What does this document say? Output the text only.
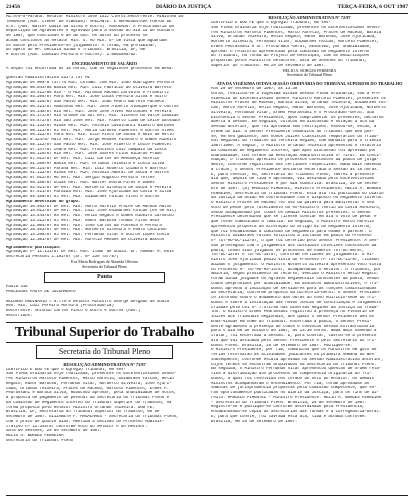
21456	DIÁRIO DA JUSTIÇA	TERÇA-FEIRA, 6 OUT 1987
AG.970-5-Paraná. Relator Ministro José Luiz Clerot.Recorrente: MINISTRO DO
TRABALHO (Adv. Cleber de Almeida). APELANTE: E REPRESENTADA FORTOS DE
S.A. (Adv. Walter Gudin da Silva e outro). ADVOGADO: A Procuradoria da
Repartição de Agravantes e Agravado para a Sessão do dia 14 de Outubro
de 1987, que conclusão é de um ano. Os autos do processo se
acham conclusos ao Relator Min. 4. Ao Min. 5º de Vista que aguardam
os autos pelo Presidente-no julgamento. A Turma, em preliminar,
do apelo do MP. Decidiu ainda o Tribunal. Brasília, DF, em
e outros (Adv. Cândido Pereira e outros). 2.0001985/02.
ENCERRAMENTO DE SALÁRIO
A Seção foi encerrada as 18 horas, com os seguintes processos em mesa:

Questão Administrativa 223-1 TST MI
Agravação de 000-0 TST/74 Min. Colomb. com Min. João Rodrigues Pereira
Agravação 08.843/86 Bahia Rel. Min. Luiz Fabricio de Oliveira Barreto
Agravação 10.412/86 Rio - O Min. Miranda Macêdo Carvalho e Frankirtz
Agravação 03.205/87 Pará Rel. Min. José Lucas Pereira Silva e outro
Agravação 08.128/87 São Paulo Rel. Min. João Pedro Barreto Pacheco
Agravação 06.221/87 Amazonas Rel. Min. José Alberto Albuquerque e outros
Agravação 46.148/87 Rio Rel. Min. José José Alves Marcondes e Pereira
Agravação 94.172/87 Rio Grande do Sul Rel. Min. Vicente do Valle Cândido
Agravação 94.472/87 Rio São José Rel. Min. Alberto Lima de Leite Salvador
Agravação 91.132/87 Minas Rel. Min. Antônio Cavalcanti Ribeiro Barbosa
Agravação 08.121/87 RJ Rel. Min. Maria Cardoso Pimentel e Outros Alves
Agravação 96.322/87 Pará Rel. Min. Ézio Pinto de Sousa e Reis de Mello
Agravação 9.124/87 Mato Rel. Min. Jorge Mendes Pinheiro e Gomes Ribeiro
Agravação 88.112/87 São Paulo Rel. Min. José Alberto e Leite Pimentel
Agravação 97.147/87 Ceará Rel. Min. Francisco Luiz Sampaio da Costa
Agravação 88.120/87 Rio Rel. Min. José Soares Filho Ricardo Prado
Agravação 87.012/87 DF Rel. Min. Luiz Carlos de Mendonça Aurélio
Agravação 91.200/87 Bahia Rel. Min. Orlando Teixeira e Costa Silva
Agravação 90.114/87 Paraná Rel. Min. Luiz Roberto Coimbra e Barreto
Agravação 91.132/87 Minas Rel. Min. Antônio Amaral de Souza e Outros
Agravação 87.012/87 MG Rel. Min. Sérgio Augusto Pereira Telles
Agravação 98.106/87 Goiás Rel. Min. Walter Rocha Pires e Gomes
Agravação 92.021/87 SP Rel. Min. Norberto Silveira de Souza e Pereira
Agravação 87.411/87 Paraíba Rel. Min. José Ajuricaba da Costa e Silva
Agravação 89.100/87 RJ Rel. Min. Guimarães Falcão Filho e Outros
Agravamento devolvido do grupo:
Agravação 10.402/87 DF Rel. Min. Marco Aurélio Prates de Macedo Matos
Agravação 19.012/87 SP Rel. Min. Luiz José Guimarães Falcão (Rs 40 Mil)
Agravação 14.444/87 RS Rel. Min. Hélio Regato e Gomes Ribeiro Carvalho
Agravação 13.312/87 RJ Rel. Min. Ranor Barbosa Thomaz Filho Reis
Agravação 22.004/87 RS Rel. Min. José Carlos da Fonseca e Pereira
Agravação 28.403/87 SP Rel. Min. Norberto Silveira e Paulo Coutinho
Agravação 14.206/87 RJ Rel. Min. Fernando Vilar e Outros Lopes Costa
Agravação 12.301/87 SP Rel. Min. Aurélio Mendes de Oliveira Bastos
Agravamento publicação:
Agravação nº 11.111/87 DF Rel. Min. Ilmar de Souza. Dr. Ademar M. Reis
Secretária Pessoal 1.192/87 (Sr. Nº 230 TST/87)
Eva Maria Rodrigues de Almeida Oliveira
Secretária do Tribunal Pleno
Pauta
Pauta 318
PROCESSOS PAUTA DE JULGAMENTO

RECURSO ORDINÁRIO = 8.775-9 Relator Ministro George Delgado de Souza
Rev. Min. Luiz Pereira Moreira (Procuradoria)
Recorrente: Antônio Carlos Pinto e Outro e Outros (Adv.)
Recorridos:
Tribunal Superior do Trabalho
Secretaria do Tribunal Pleno
RESOLUÇÃO ADMINISTRATIVA Nº 73/87
CERTIFICO E DOU FÉ que o Egrégio Tribunal, em ses-
são Plena Ordinária hoje realizada, presentes os Excelentíssimos Senho-
res Ministros Marcelo Pimentel, Marco Aurélio, Guimarães Falcão, Hélio
Regato, Ranor Barbosa, Fernando Vilar, Norberto Silveira, José Ajuri-
caba, Orlando Teixeira, Prates de Macedo, Marcelo Pimentel, Ermes P.
Pedrassani e Barata Silva, RESOLVEU aprovar, pela unanimidade de votos,
a proposta de pagamento do pessoal da Secretaria do Tribunal Pleno e
da Comissão de Regimento Interno do Tribunal Superior do Trabalho, na
forma proposta pelo Relator Ministro Orlando Teixeira. DOU FÉ.
Brasília, DF, Secretaria do Tribunal Superior do Trabalho, 05 de
setembro de 1987. ELIZABETH F. MAGALHÃES - Secretária do Tribunal Pleno,
com o prazo de quinze dias. Mantida a decisão do Processo Adminis-
trativo nº 12.345/87 conforme voto do Relator e do Revisor.
Sala de Sessões, 29 de setembro de 1987.
HELIO A. BORGES FERREIRA
Secretário do Tribunal Pleno
RESOLUÇÃO ADMINISTRATIVA Nº 72/87
CERTIFICO E DOU FÉ que o Egrégio Tribunal, em ses-
são Plena Ordinária hoje realizada, presentes os Excelentíssimos Senho-
res Ministros Marcelo Pimentel, Marco Aurélio, Prates de Macedo, Barata
Silva, Orlando Teixeira, Hélio Regato, Ranor Barbosa, José Ajuricaba,
Norberto Silveira, Fernando Vilar, Guimarães Falcão, Marcelo Pimentel,
Ermes Pedrassani e Sr. Procurador-Geral, RESOLVEU, por unanimidade,
aprovar o relatório apresentado pela Comissão de Regimento Interno
do Tribunal, na forma do Projeto de Resolução, com as modificações
propostas pelos Ministros Relatores. Sala de Sessões do Tribunal,
Superior do Trabalho. em 29 de setembro de 1987.
HELIO A. BORGES FERREIRA
Secretário do Tribunal Pleno
ATA DA VIGÉSIMA OITAVA SESSÃO ORDINÁRIA DO TRIBUNAL SUPERIOR DO TRABALHO
Aos 29 de setembro de 1987, às 13:30
horas, realizou-se a Vigésima Oitava Sessão Plena Ordinária, sob a Pre-
sidência do Excelentíssimo Senhor Ministro Marcelo Pimentel, presentes os
Ministros Prates de Macedo, Barata Silva, Orlando Teixeira, Guimarães Fal-
cão, Marco Aurélio, Hélio Regato, Ranor Barbosa, José Ajuricaba, Norberto
Silveira, Fernando Vilar, Ermes Pedrassani e o Procurador-Geral. Sua
Excelência o Senhor Presidente, após cumprimentar os presentes, declarou
aberta a Sessão. Em seguida, colocou em discussão e votação a ata da
Sessão anterior, que foi aprovada sem restrições. Passou-se, então, à
ordem do dia. O Senhor Presidente comunicou ao Tribunal que deu pos-
se, em seu gabinete, aos novos Juízes Classistas Temporários do Tribu-
nal Regional do Trabalho da Terceira Região, com mandato para o triênio
1987/1990. A seguir, o Ministro Orlando Teixeira apresentou o relatório
da Comissão de Regimento Interno, que após discussão foi aprovado por
unanimidade, nos termos da Resolução Administrativa nº 72/87. Em conti-
nuação, o Tribunal apreciou os processos constantes da pauta de julga-
mento, conforme registrado nas certidões respectivas. Nada mais havendo
a tratar, o Senhor Presidente declarou encerrada a Sessão às 18 horas.
E, para constar, eu, Secretário do Tribunal Pleno, lavrei a presente
ata que, depois de lida e aprovada, vai assinada pelo Excelentíssimo
Senhor Ministro Presidente e por mim subscrita. Brasília, 29 de setem-
bro de 1987. (a) MARCELO PIMENTEL, Ministro Presidente; HELIO A. BORGES
FERREIRA, Secretário do Tribunal Pleno. Esta ata foi publicada no Diário
da Justiça da União em conformidade com o disposto no Regimento Interno.
O Ministro Prates de Macedo fez uso da palavra para manifestar o seu
voto de pesar pelo falecimento do ex-Ministro Thélio da Costa Monteiro,
sendo acompanhado por todos os demais Ministros presentes. O Senhor
Presidente determinou que se fizesse constar em ata o voto de pesar e
que fosse comunicado à família. Em seguida, o Ministro Marco Aurélio
apresentou proposta de alteração do artigo 61 do Regimento Interno,
que foi encaminhada à Comissão de Regimento para exame e parecer. O
Ministro Guimarães Falcão solicitou a inclusão em pauta do Processo
nº TST-RO-DC-112/87, o que foi deferido pelo Senhor Presidente. A Ses-
são prosseguiu com o julgamento dos dissídios coletivos constantes da
pauta, tendo sido julgados os processos de números TST-DC-08/87,
TST-DC-12/87 e TST-DC-15/87, conforme certidões de julgamento. O Mi-
nistro José Ajuricaba pediu vista do Processo nº TST-DC-21/87, ficando
adiado o julgamento. O Ministro Norberto Silveira apresentou voto vista
no Processo nº TST-RO-MS-14/87, acompanhando o Relator. O Tribunal, por
maioria, negou provimento ao recurso, vencido o Ministro Hélio Regato.
Foram ainda julgados os Agravos Regimentais constantes da pauta, sendo
todos desprovidos por unanimidade. Em assuntos administrativos, o Tri-
bunal aprovou a indicação de servidores para as funções comissionadas
da Secretaria, conforme proposta da Diretoria-Geral. O Senhor Presiden-
te informou sobre o andamento das obras do novo edifício-sede do Tri-
bunal e sobre a instalação das novas Juntas de Conciliação e Julgamento
criadas pela Lei nº 7.471/86 nas diversas Regiões da Justiça do Traba-
lho. O Ministro Ermes Pedrassani registrou a presença no Plenário de
Juízes dos Tribunais Regionais, aos quais o Senhor Presidente deu as
boas-vindas em nome do Tribunal. Encerrada a pauta, o Senhor Presi-
dente agradeceu a presença de todos e convocou Sessão Extraordinária
para o dia 06 de outubro de 1987, às 13:30 horas. Nada mais havendo a
tratar, foi encerrada a Sessão. E, para constar, lavrou-se a presente
ata que vai assinada pelo Senhor Presidente e pelo Secretário do Tri-
bunal Pleno. Brasília, 29 de setembro de 1987. Publique-se.
O Ministro Presidente, por fim, comunicou que os Ministros em gozo de
férias retornarão às atividades judicantes na primeira semana do mês
subsequente, conforme escala aprovada na Sessão Administrativa anterior,
cujos termos se encontram arquivados na Secretaria do Tribunal Pleno.
Em seguida, o Ministro Fernando Vilar apresentou questão de ordem rela-
tiva à distribuição dos processos de competência originária do Tri-
bunal, a qual foi resolvida nos termos do voto do Relator. Os demais
Ministros acompanharam o entendimento. Por fim, foram aprovadas as
súmulas de jurisprudência propostas pela Comissão competente, que se-
rão oportunamente publicadas no Diário da Justiça, para os fins de di-
reito. MARCELO PIMENTEL - Ministro Presidente. HELIO A. BORGES FERREIRA
- Secretário do Tribunal Pleno. Brasília, 29 de setembro de 1987.
Registre-se e publique-se conforme determinado pela Presidência,
encaminhando-se cópia às Secretarias das Turmas e à Corregedoria-Geral.
E, para que conste, foi lavrada esta ata, lida e achada conforme.
Brasília, em 29 de setembro de 1987.
